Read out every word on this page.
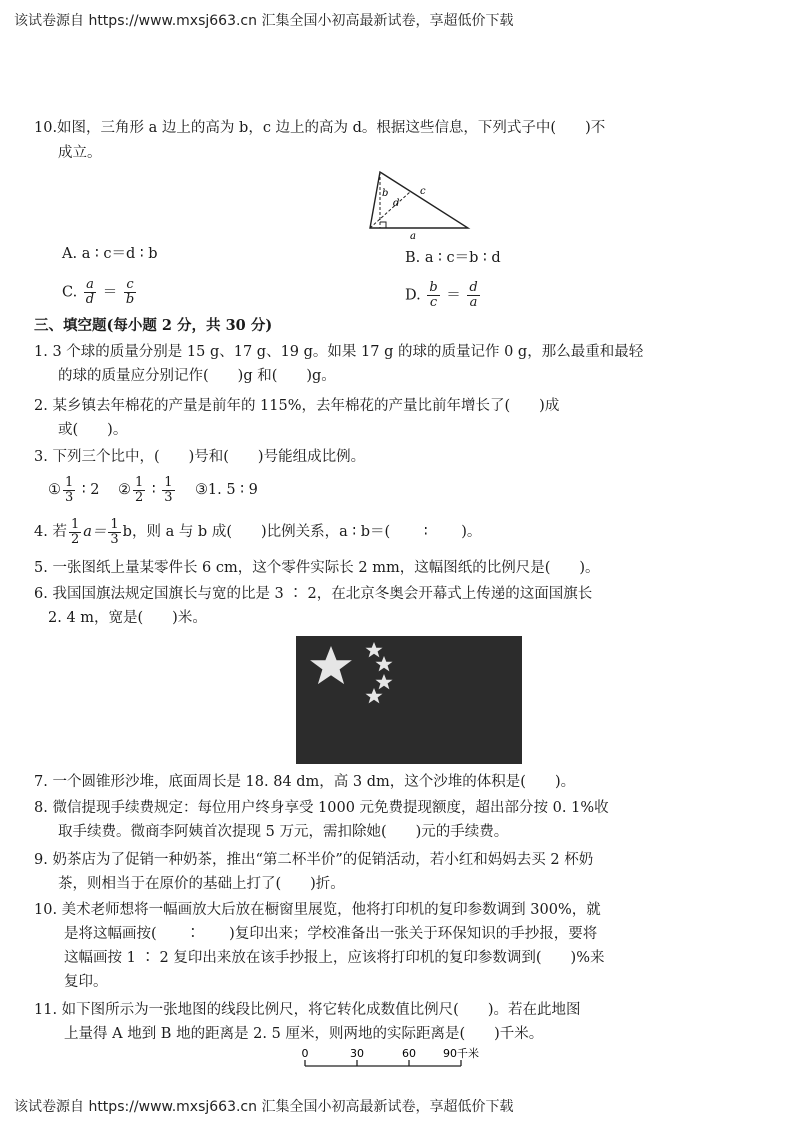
该试卷源自 https://www.mxsj663.cn 汇集全国小初高最新试卷，享超低价下载
10.如图，三角形 a 边上的高为 b，c 边上的高为 d。根据这些信息，下列式子中(　　)不
成立。
b
d
c
a
A. a ∶ c＝d ∶ b	B. a ∶ c＝b ∶ d
C. $\frac{a}{d} = \frac{c}{b}$	D. $\frac{b}{c} = \frac{d}{a}$
三、填空题(每小题 2 分，共 30 分)
1. 3 个球的质量分别是 15 g、17 g、19 g。如果 17 g 的球的质量记作 0 g，那么最重和最轻
的球的质量应分别记作(　　)g 和(　　)g。
2. 某乡镇去年棉花的产量是前年的 115%，去年棉花的产量比前年增长了(　　)成
或(　　)。
3. 下列三个比中，(　　)号和(　　)号能组成比例。
① $\frac{1}{3}$ ∶ 2 ② $\frac{1}{2}$ ∶ $\frac{1}{3}$ ③1. 5 ∶ 9
4. 若 $\frac{1}{2} a= \frac{1}{3}$ b，则 a 与 b 成(　　)比例关系，a ∶ b＝(　　 ∶ 　　)。
5. 一张图纸上量某零件长 6 cm，这个零件实际长 2 mm，这幅图纸的比例尺是(　　)。
6. 我国国旗法规定国旗长与宽的比是 3 ∶ 2，在北京冬奥会开幕式上传递的这面国旗长
2. 4 m，宽是(　　)米。
7. 一个圆锥形沙堆，底面周长是 18. 84 dm，高 3 dm，这个沙堆的体积是(　　)。
8. 微信提现手续费规定：每位用户终身享受 1000 元免费提现额度，超出部分按 0. 1%收
取手续费。微商李阿姨首次提现 5 万元，需扣除她(　　)元的手续费。
9. 奶茶店为了促销一种奶茶，推出“第二杯半价”的促销活动，若小红和妈妈去买 2 杯奶
茶，则相当于在原价的基础上打了(　　)折。
10. 美术老师想将一幅画放大后放在橱窗里展览，他将打印机的复印参数调到 300%，就
是将这幅画按(　　∶　　)复印出来；学校准备出一张关于环保知识的手抄报，要将
这幅画按 1 ∶ 2 复印出来放在该手抄报上，应该将打印机的复印参数调到(　　)%来
复印。
11. 如下图所示为一张地图的线段比例尺，将它转化成数值比例尺(　　)。若在此地图
上量得 A 地到 B 地的距离是 2. 5 厘米，则两地的实际距离是(　　)千米。
0	30	60 90千米
该试卷源自 https://www.mxsj663.cn 汇集全国小初高最新试卷，享超低价下载
